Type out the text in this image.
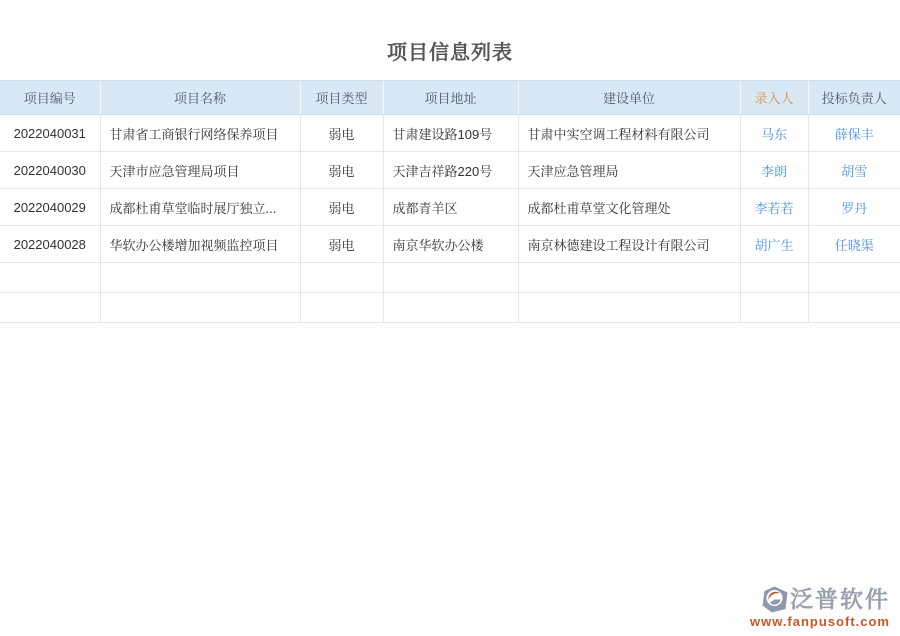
项目信息列表
项目编号	项目名称	项目类型	项目地址	建设单位	录入人	投标负责人
2022040031	甘肃省工商银行网络保养项目	弱电	甘肃建设路109号	甘肃中实空调工程材料有限公司	马东	薛保丰
2022040030	天津市应急管理局项目	弱电	天津吉祥路220号	天津应急管理局	李朗	胡雪
2022040029	成都杜甫草堂临时展厅独立...	弱电	成都青羊区	成都杜甫草堂文化管理处	李若若	罗丹
2022040028	华软办公楼增加视频监控项目	弱电	南京华软办公楼	南京林德建设工程设计有限公司	胡广生	任晓渠

泛普软件
www.fanpusoft.com
